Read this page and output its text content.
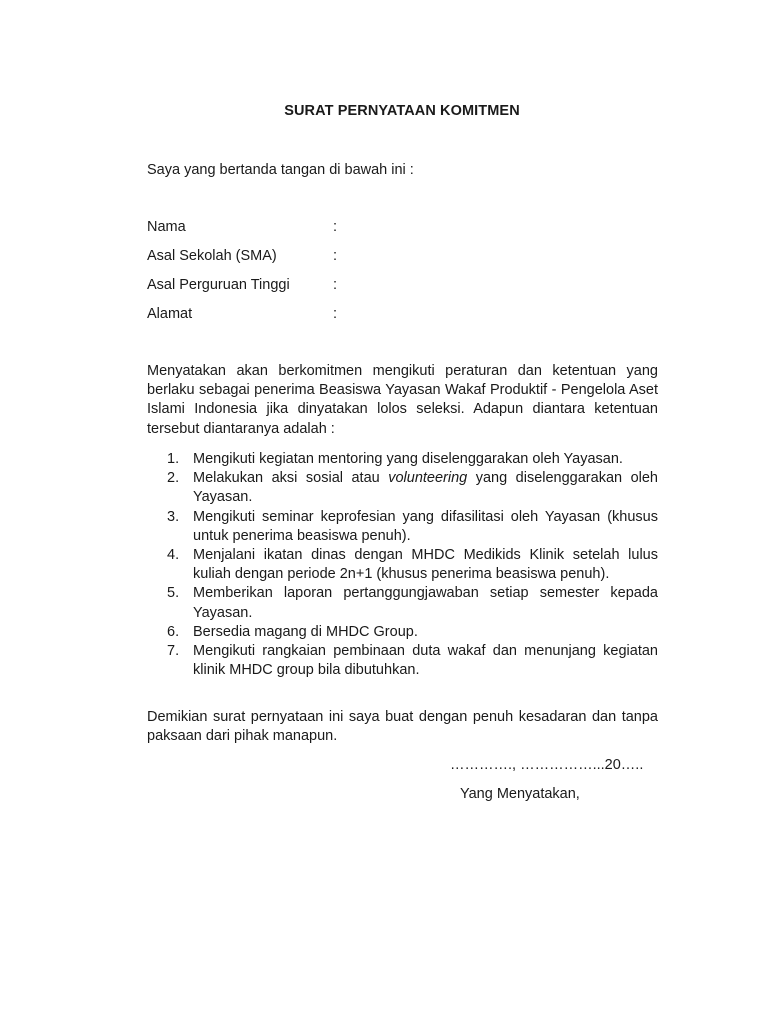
SURAT PERNYATAAN KOMITMEN
Saya yang bertanda tangan di bawah ini :
Nama	:
Asal Sekolah (SMA)	:
Asal Perguruan Tinggi	:
Alamat	:
Menyatakan akan berkomitmen mengikuti peraturan dan ketentuan yang berlaku sebagai penerima Beasiswa Yayasan Wakaf Produktif - Pengelola Aset Islami Indonesia jika dinyatakan lolos seleksi. Adapun diantara ketentuan tersebut diantaranya adalah :
1. Mengikuti kegiatan mentoring yang diselenggarakan oleh Yayasan.
2. Melakukan aksi sosial atau volunteering yang diselenggarakan oleh Yayasan.
3. Mengikuti seminar keprofesian yang difasilitasi oleh Yayasan (khusus untuk penerima beasiswa penuh).
4. Menjalani ikatan dinas dengan MHDC Medikids Klinik setelah lulus kuliah dengan periode 2n+1 (khusus penerima beasiswa penuh).
5. Memberikan laporan pertanggungjawaban setiap semester kepada Yayasan.
6. Bersedia magang di MHDC Group.
7. Mengikuti rangkaian pembinaan duta wakaf dan menunjang kegiatan klinik MHDC group bila dibutuhkan.
Demikian surat pernyataan ini saya buat dengan penuh kesadaran dan tanpa paksaan dari pihak manapun.
…………., ……………...20…..
Yang Menyatakan,
